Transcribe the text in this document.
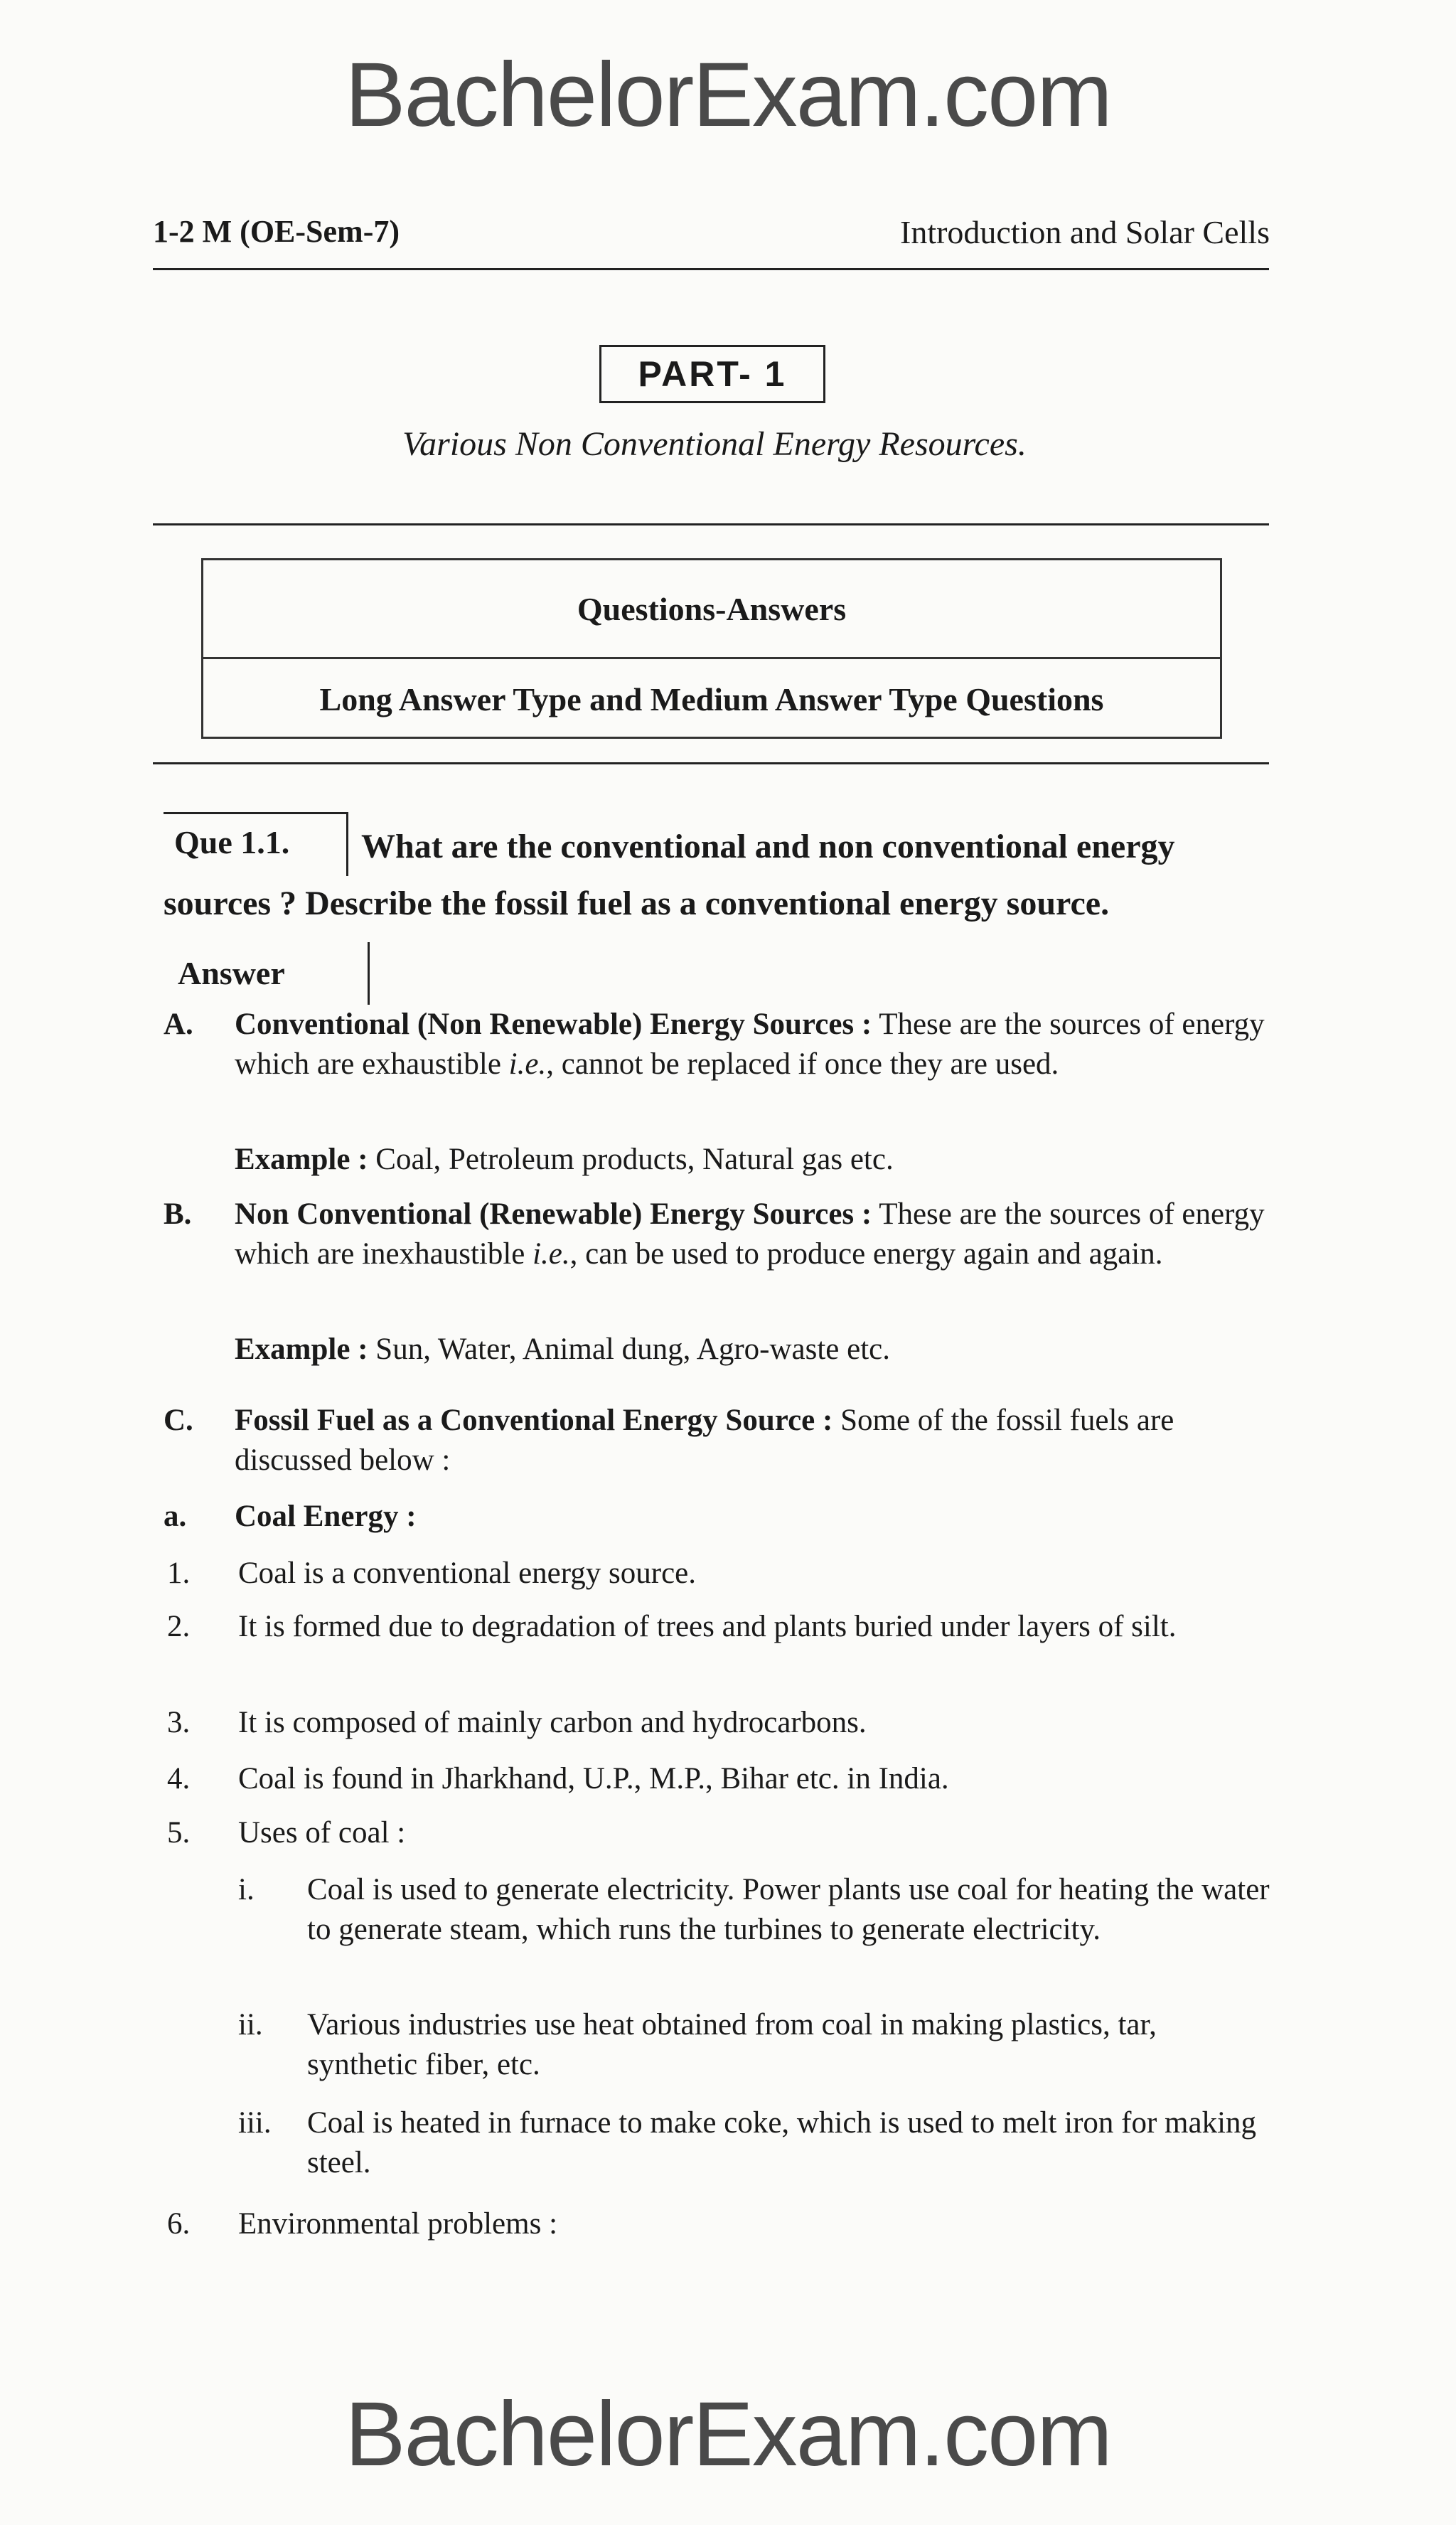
BachelorExam.com
1-2 M (OE-Sem-7)	Introduction and Solar Cells
PART- 1
Various Non Conventional Energy Resources.
Questions-Answers
Long Answer Type and Medium Answer Type Questions
Que 1.1. What are the conventional and non conventional energy
sources ? Describe the fossil fuel as a conventional energy source.
Answer
A. Conventional (Non Renewable) Energy Sources : These are the sources of energy which are exhaustible i.e., cannot be replaced if once they are used.
Example : Coal, Petroleum products, Natural gas etc.
B. Non Conventional (Renewable) Energy Sources : These are the sources of energy which are inexhaustible i.e., can be used to produce energy again and again.
Example : Sun, Water, Animal dung, Agro-waste etc.
C. Fossil Fuel as a Conventional Energy Source : Some of the fossil fuels are discussed below :
a. Coal Energy :
1. Coal is a conventional energy source.
2. It is formed due to degradation of trees and plants buried under layers of silt.
3. It is composed of mainly carbon and hydrocarbons.
4. Coal is found in Jharkhand, U.P., M.P., Bihar etc. in India.
5. Uses of coal :
i. Coal is used to generate electricity. Power plants use coal for heating the water to generate steam, which runs the turbines to generate electricity.
ii. Various industries use heat obtained from coal in making plastics, tar, synthetic fiber, etc.
iii. Coal is heated in furnace to make coke, which is used to melt iron for making steel.
6. Environmental problems :
BachelorExam.com
